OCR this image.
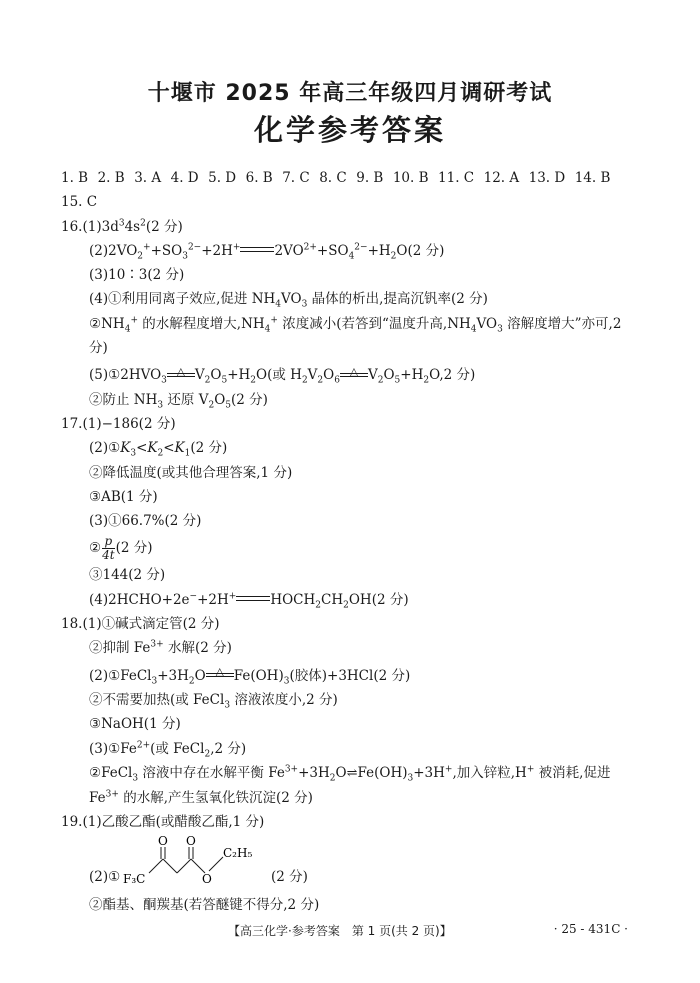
十堰市 2025 年高三年级四月调研考试
化学参考答案
1. B 2. B 3. A 4. D 5. D 6. B 7. C 8. C 9. B 10. B 11. C 12. A 13. D 14. B
15. C
$16.(1)3d^34s^2(2$ 分)
$(2)2VO_2^++SO_3^{2-}+2H^+$	$2VO^{2+}+SO_4^{2-}+H_2O(2$ 分)
(3)10∶3(2 分)
(4)①利用同离子效应,促进 $NH_4VO_3$ 晶体的析出,提高沉钒率(2 分)
$②NH_4^+$ 的水解程度增大$,NH_4^+$ 浓度减小(若答到“温度升高$,NH_4VO_3$ 溶解度增大”亦可,2 分)
$(5)①2HVO_3$
△ $V_2O_5+H_2O$(或 $H_2V_2O_6$
△ $V_2O_5+H_2O,2$ 分)
②防止 $NH_3$ 还原 $V_2O_5(2$ 分)
17.(1)−186(2 分)
$(2)①K_3<K_2<K_1(2$ 分)
②降低温度(或其他合理答案,1 分)
③AB(1 分)
(3)①66.7%(2 分)
② $\frac{p}{4t} (2$ 分)
③144(2 分)
(4)2HCHO+2e−+2H+	$HOCH_2CH_2OH(2$ 分)
18.(1)①碱式滴定管(2 分)
②抑制 $Fe^{3+}$ 水解(2 分)
$(2)①FeCl_3+3H_2O$ △ $Fe(OH)_3$(胶体)+3HCl(2 分)
②不需要加热(或 FeCl$_3$ 溶液浓度小,2 分)
③NaOH(1 分)
$(3)①Fe^{2+}$(或 FeCl$_2$,2 分)
②FeCl$_3$ 溶液中存在水解平衡 $Fe^{3+}+3H_2O\rightleftharpoons Fe(OH)_3+3H^+$,加入锌粒,H+ 被消耗,促进 $Fe^{3+}$ 的水解,产生氢氧化铁沉淀(2 分)
19.(1)乙酸乙酯(或醋酸乙酯,1 分)
(2)① F₃C
O O
O
C₂H₅
(2 分)
②酯基、酮羰基(若答醚键不得分,2 分)
【高三化学·参考答案　第 1 页(共 2 页)】	· 25 - 431C ·
